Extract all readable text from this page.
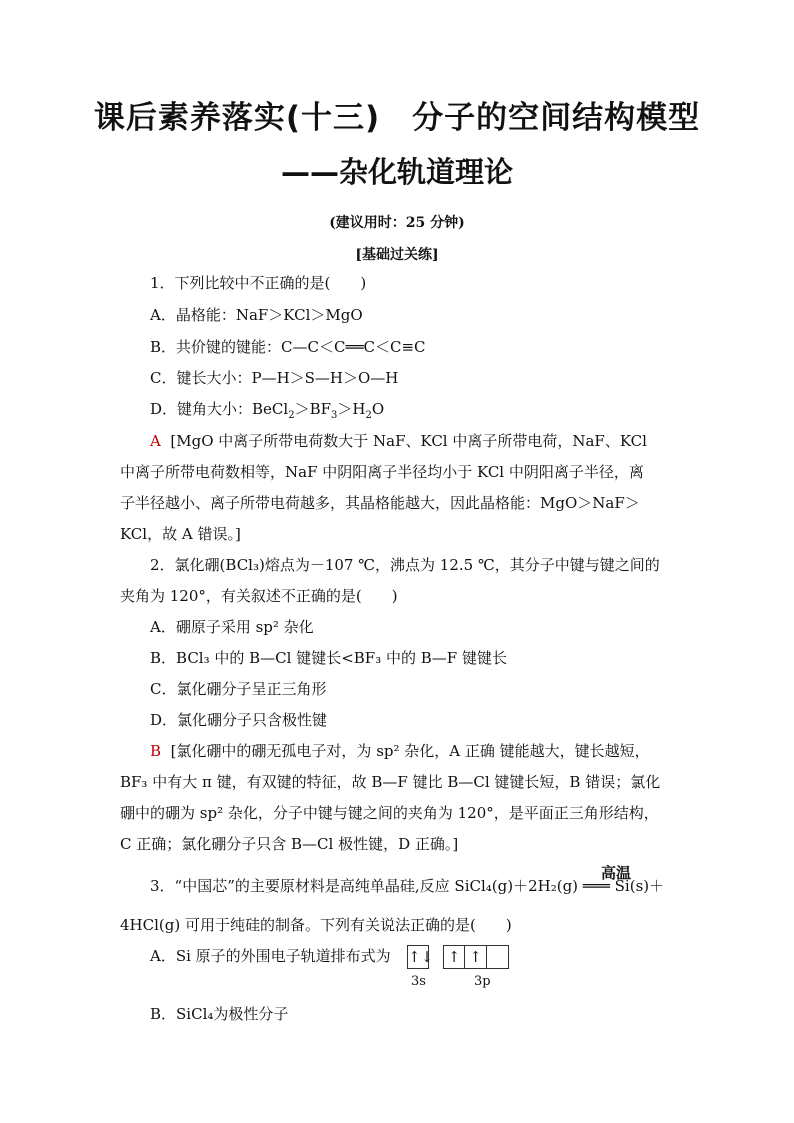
课后素养落实(十三)　分子的空间结构模型
——杂化轨道理论
(建议用时：25 分钟)
[基础过关练]
1．下列比较中不正确的是(　　)
A．晶格能：NaF＞KCl＞MgO
B．共价键的键能：C—C＜C══C＜C≡C
C．键长大小：P—H＞S—H＞O—H
D．键角大小：$BeCl_2>BF_3>H_2O$
A [MgO 中离子所带电荷数大于 NaF、KCl 中离子所带电荷，NaF、KCl
中离子所带电荷数相等，NaF 中阴阳离子半径均小于 KCl 中阴阳离子半径，离
子半径越小、离子所带电荷越多，其晶格能越大，因此晶格能：MgO＞NaF＞
KCl，故 A 错误。]
2．氯化硼(BCl₃)熔点为－107 ℃，沸点为 12.5 ℃，其分子中键与键之间的
夹角为 120°，有关叙述不正确的是(　　)
A．硼原子采用 sp² 杂化
B．BCl₃ 中的 B—Cl 键键长<BF₃ 中的 B—F 键键长
C．氯化硼分子呈正三角形
D．氯化硼分子只含极性键
B [氯化硼中的硼无孤电子对，为 sp² 杂化，A 正确 键能越大，键长越短，
BF₃ 中有大 π 键，有双键的特征，故 B—F 键比 B—Cl 键键长短，B 错误；氯化
硼中的硼为 sp² 杂化，分子中键与键之间的夹角为 120°，是平面正三角形结构，
C 正确；氯化硼分子只含 B—Cl 极性键，D 正确。]
高温
3．“中国芯”的主要原材料是高纯单晶硅,反应 SiCl₄(g)＋2H₂(g) ═══ Si(s)＋
4HCl(g) 可用于纯硅的制备。下列有关说法正确的是(　　)
A．Si 原子的外围电子轨道排布式为 ↑↓ ↑ ↑
3s	3p
B．SiCl₄为极性分子
